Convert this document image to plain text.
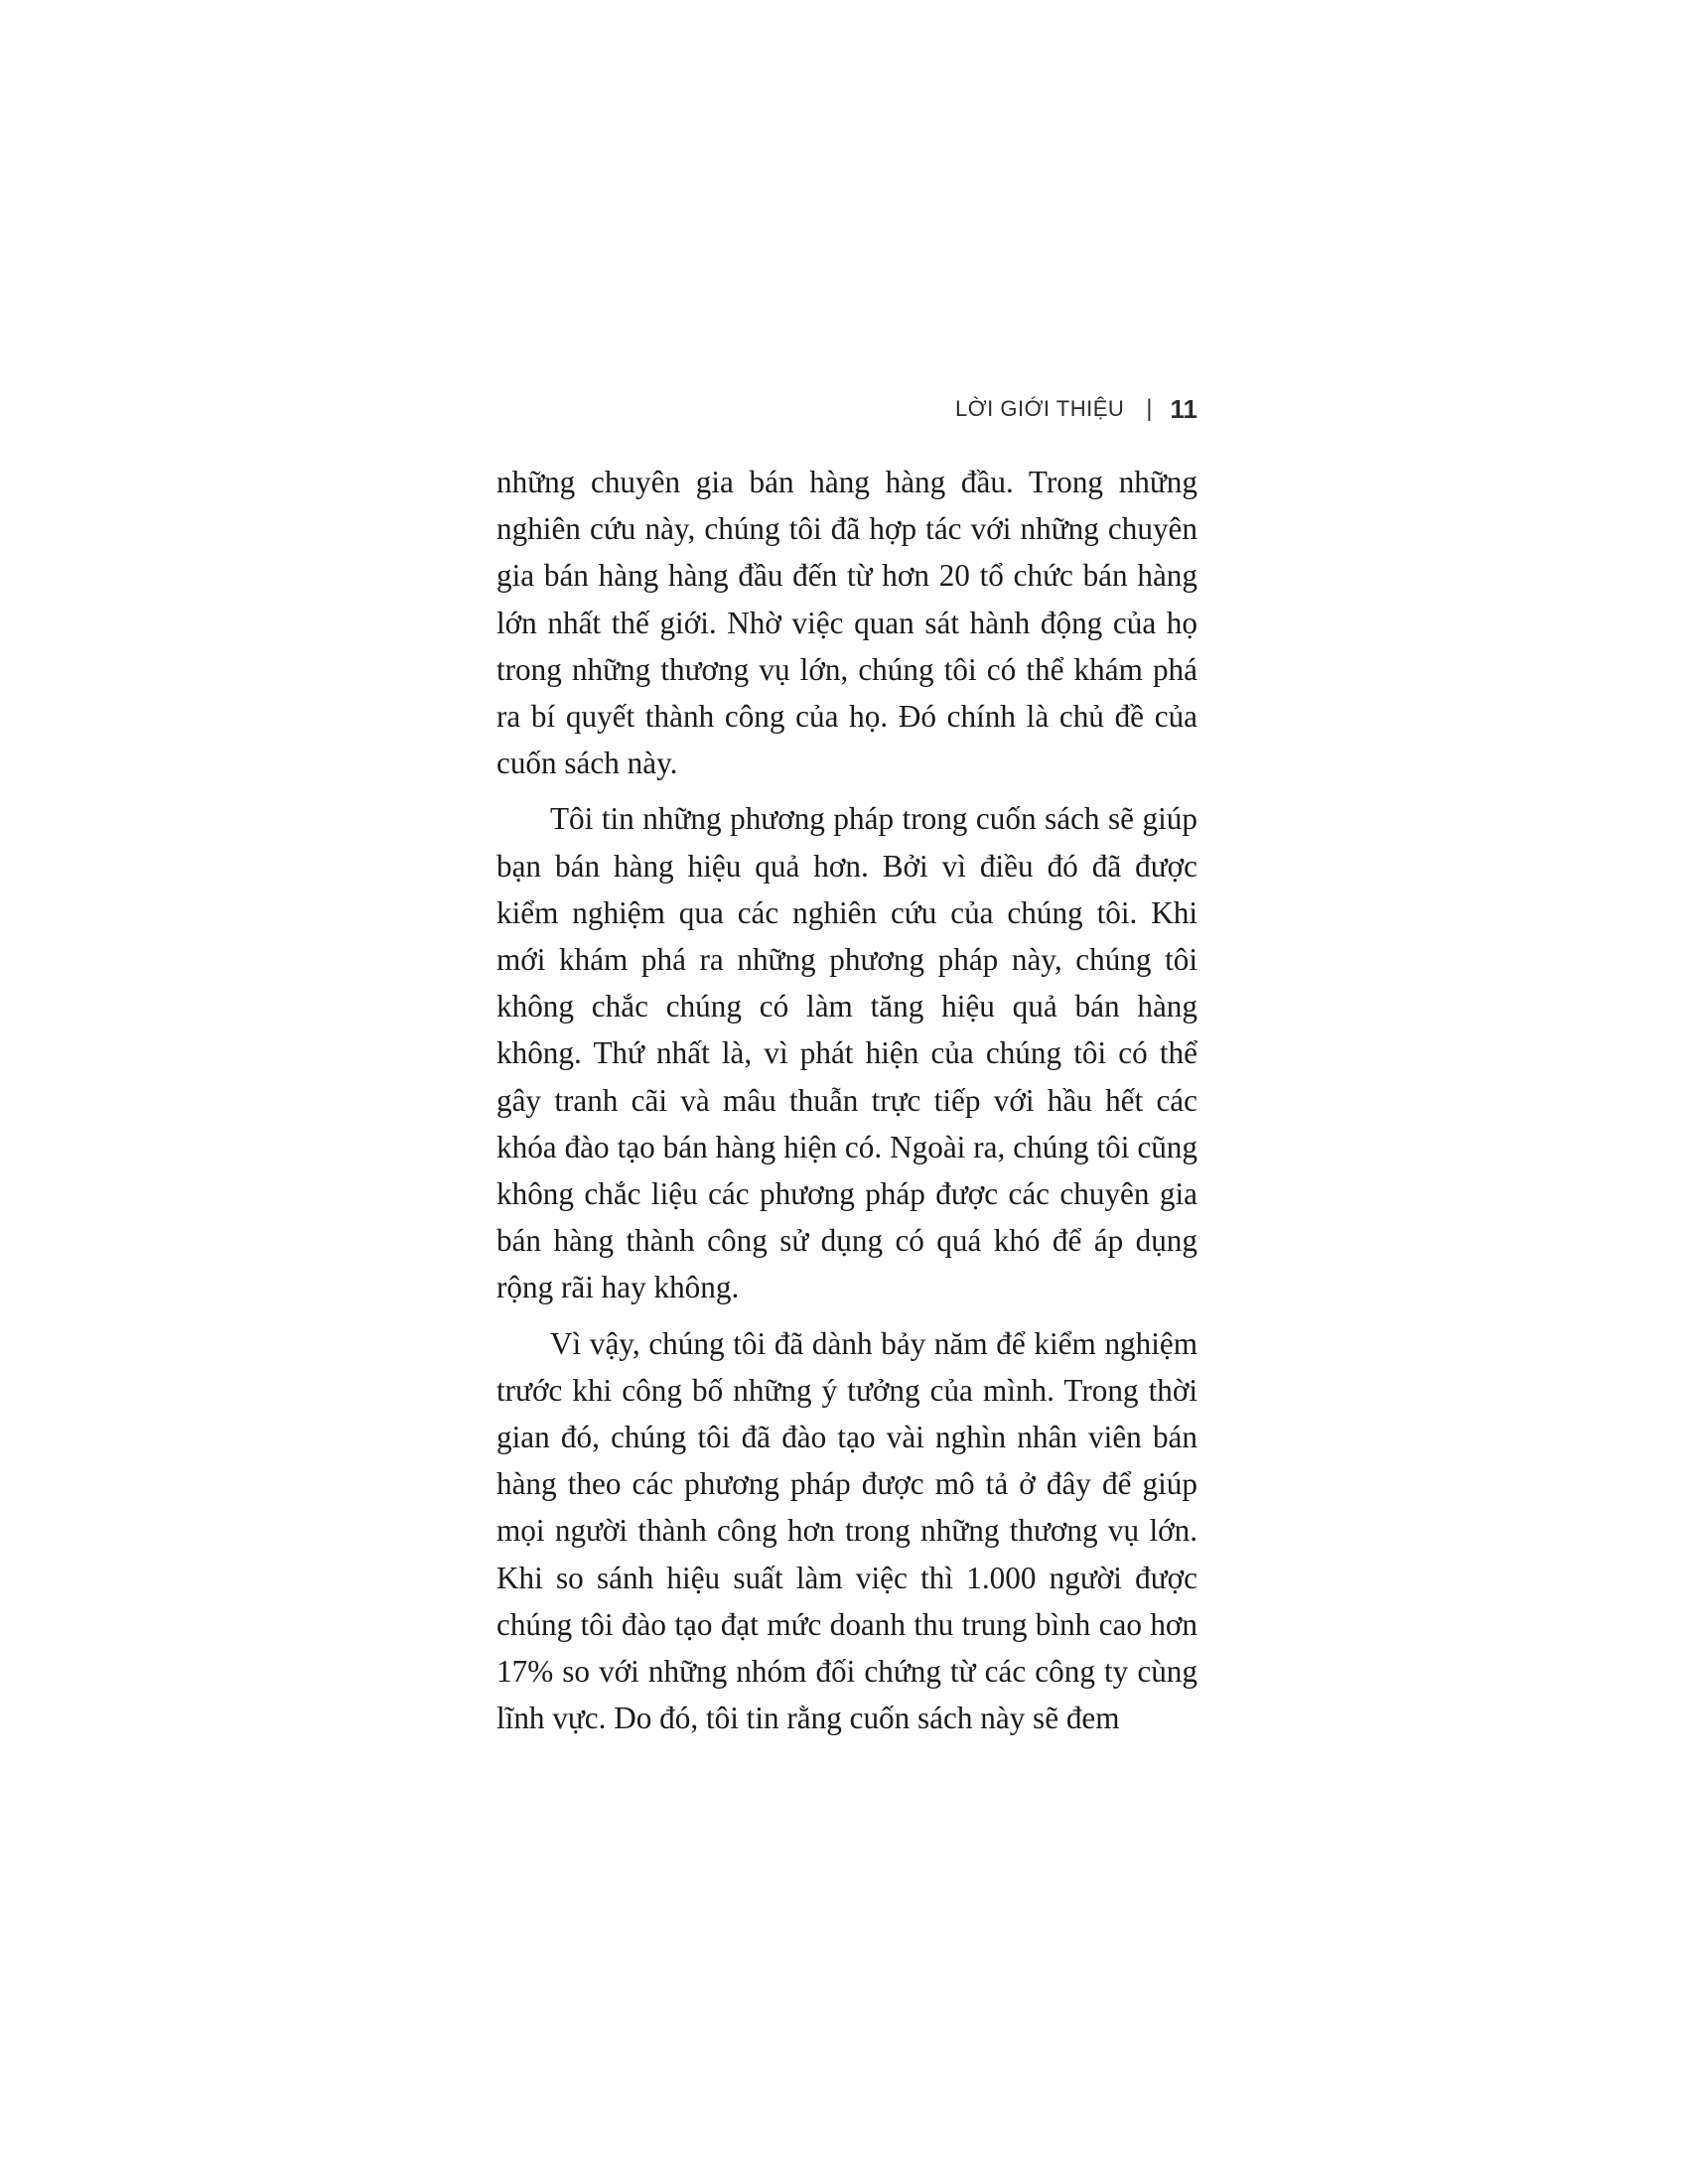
LỜI GIỚI THIỆU | 11

những chuyên gia bán hàng hàng đầu. Trong những nghiên cứu này, chúng tôi đã hợp tác với những chuyên gia bán hàng hàng đầu đến từ hơn 20 tổ chức bán hàng lớn nhất thế giới. Nhờ việc quan sát hành động của họ trong những thương vụ lớn, chúng tôi có thể khám phá ra bí quyết thành công của họ. Đó chính là chủ đề của cuốn sách này.

Tôi tin những phương pháp trong cuốn sách sẽ giúp bạn bán hàng hiệu quả hơn. Bởi vì điều đó đã được kiểm nghiệm qua các nghiên cứu của chúng tôi. Khi mới khám phá ra những phương pháp này, chúng tôi không chắc chúng có làm tăng hiệu quả bán hàng không. Thứ nhất là, vì phát hiện của chúng tôi có thể gây tranh cãi và mâu thuẫn trực tiếp với hầu hết các khóa đào tạo bán hàng hiện có. Ngoài ra, chúng tôi cũng không chắc liệu các phương pháp được các chuyên gia bán hàng thành công sử dụng có quá khó để áp dụng rộng rãi hay không.

Vì vậy, chúng tôi đã dành bảy năm để kiểm nghiệm trước khi công bố những ý tưởng của mình. Trong thời gian đó, chúng tôi đã đào tạo vài nghìn nhân viên bán hàng theo các phương pháp được mô tả ở đây để giúp mọi người thành công hơn trong những thương vụ lớn. Khi so sánh hiệu suất làm việc thì 1.000 người được chúng tôi đào tạo đạt mức doanh thu trung bình cao hơn 17% so với những nhóm đối chứng từ các công ty cùng lĩnh vực. Do đó, tôi tin rằng cuốn sách này sẽ đem
